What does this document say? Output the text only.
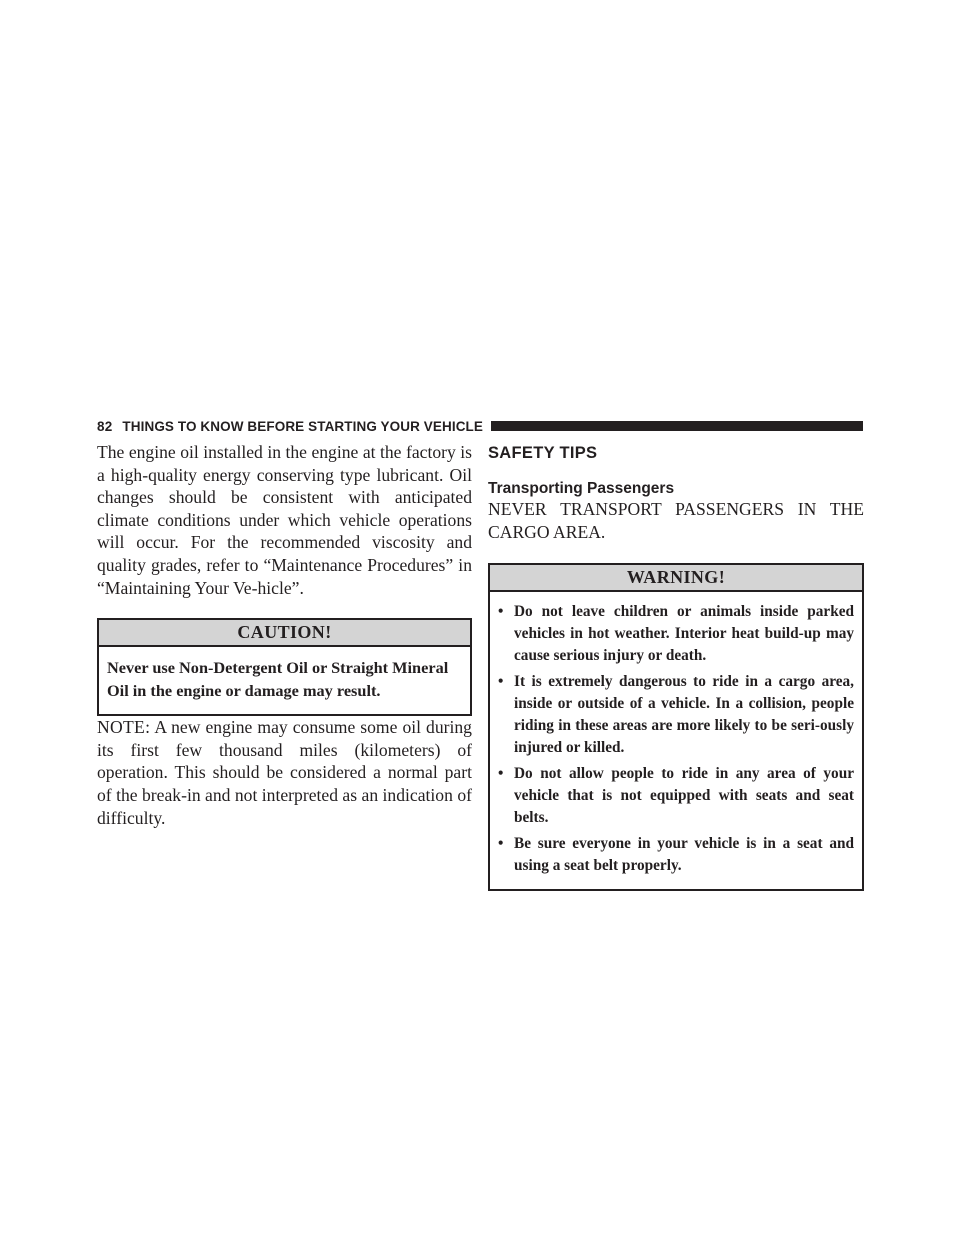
82 THINGS TO KNOW BEFORE STARTING YOUR VEHICLE

The engine oil installed in the engine at the factory is a high-quality energy conserving type lubricant. Oil changes should be consistent with anticipated climate conditions under which vehicle operations will occur. For the recommended viscosity and quality grades, refer to “Maintenance Procedures” in “Maintaining Your Ve-hicle”.

CAUTION!
Never use Non-Detergent Oil or Straight Mineral Oil in the engine or damage may result.

NOTE: A new engine may consume some oil during its first few thousand miles (kilometers) of operation. This should be considered a normal part of the break-in and not interpreted as an indication of difficulty.

SAFETY TIPS
Transporting Passengers

NEVER TRANSPORT PASSENGERS IN THE CARGO AREA.

WARNING!
• Do not leave children or animals inside parked vehicles in hot weather. Interior heat build-up may cause serious injury or death.
• It is extremely dangerous to ride in a cargo area, inside or outside of a vehicle. In a collision, people riding in these areas are more likely to be seri-ously injured or killed.
• Do not allow people to ride in any area of your vehicle that is not equipped with seats and seat belts.
• Be sure everyone in your vehicle is in a seat and using a seat belt properly.
